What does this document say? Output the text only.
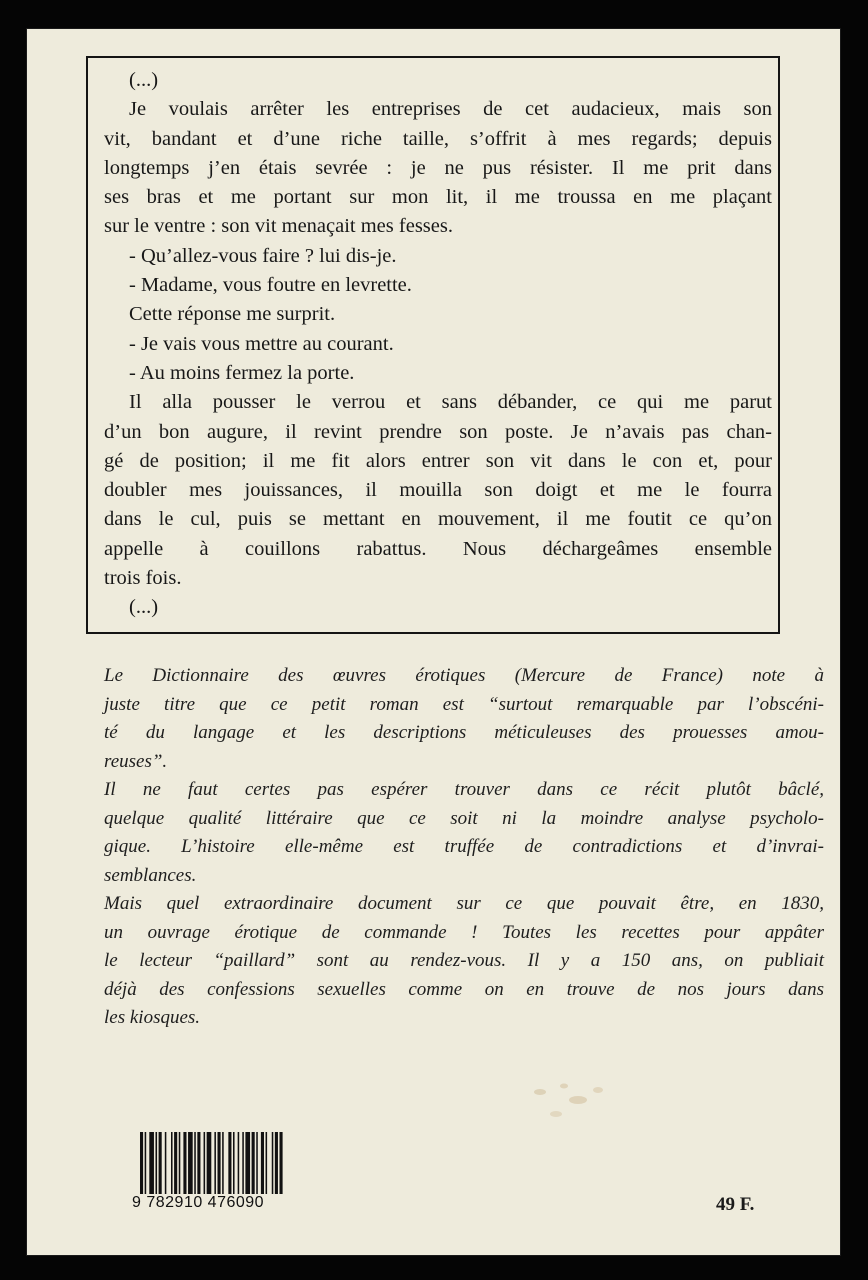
(...)
Je voulais arrêter les entreprises de cet audacieux, mais son
vit, bandant et d’une riche taille, s’offrit à mes regards; depuis
longtemps j’en étais sevrée : je ne pus résister. Il me prit dans
ses bras et me portant sur mon lit, il me troussa en me plaçant
sur le ventre : son vit menaçait mes fesses.
- Qu’allez-vous faire ? lui dis-je.
- Madame, vous foutre en levrette.
Cette réponse me surprit.
- Je vais vous mettre au courant.
- Au moins fermez la porte.
Il alla pousser le verrou et sans débander, ce qui me parut
d’un bon augure, il revint prendre son poste. Je n’avais pas chan-
gé de position; il me fit alors entrer son vit dans le con et, pour
doubler mes jouissances, il mouilla son doigt et me le fourra
dans le cul, puis se mettant en mouvement, il me foutit ce qu’on
appelle à couillons rabattus. Nous déchargeâmes ensemble
trois fois.
(...)
Le Dictionnaire des œuvres érotiques (Mercure de France) note à
juste titre que ce petit roman est “surtout remarquable par l’obscéni-
té du langage et les descriptions méticuleuses des prouesses amou-
reuses”.
Il ne faut certes pas espérer trouver dans ce récit plutôt bâclé,
quelque qualité littéraire que ce soit ni la moindre analyse psycholo-
gique. L’histoire elle-même est truffée de contradictions et d’invrai-
semblances.
Mais quel extraordinaire document sur ce que pouvait être, en 1830,
un ouvrage érotique de commande ! Toutes les recettes pour appâter
le lecteur “paillard” sont au rendez-vous. Il y a 150 ans, on publiait
déjà des confessions sexuelles comme on en trouve de nos jours dans
les kiosques.
9 782910 476090	49 F.
